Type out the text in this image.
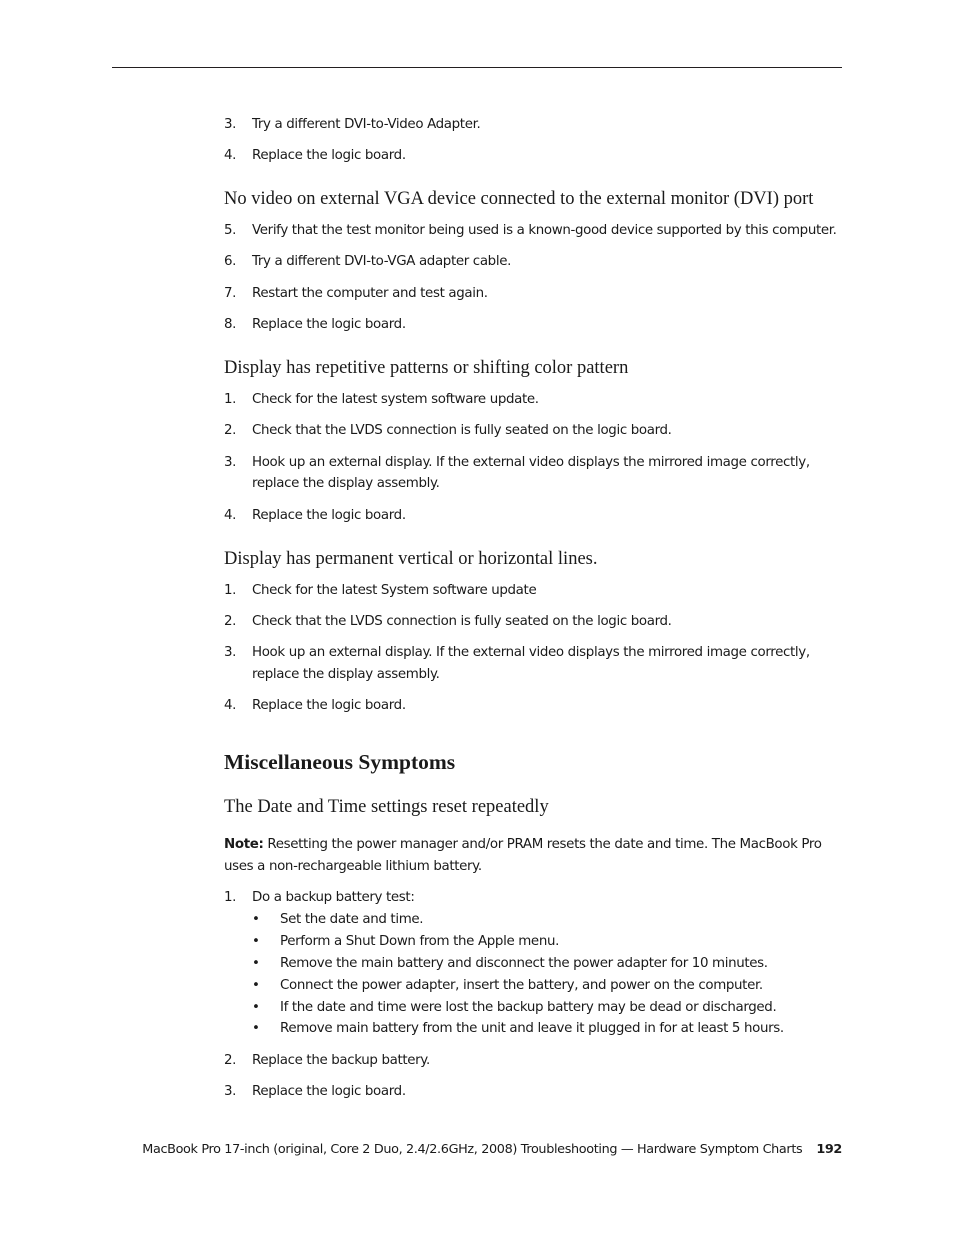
3.	Try a different DVI-to-Video Adapter.
4.	Replace the logic board.
No video on external VGA device connected to the external monitor (DVI) port
5.	Verify that the test monitor being used is a known-good device supported by this computer.
6.	Try a different DVI-to-VGA adapter cable.
7.	Restart the computer and test again.
8.	Replace the logic board.
Display has repetitive patterns or shifting color pattern
1.	Check for the latest system software update.
2.	Check that the LVDS connection is fully seated on the logic board.
3.	Hook up an external display. If the external video displays the mirrored image correctly,
replace the display assembly.
4.	Replace the logic board.
Display has permanent vertical or horizontal lines.
1.	Check for the latest System software update
2.	Check that the LVDS connection is fully seated on the logic board.
3.	Hook up an external display. If the external video displays the mirrored image correctly,
replace the display assembly.
4.	Replace the logic board.
Miscellaneous Symptoms
The Date and Time settings reset repeatedly
Note: Resetting the power manager and/or PRAM resets the date and time. The MacBook Pro
uses a non-rechargeable lithium battery.
1.	Do a backup battery test:
• Set the date and time.
• Perform a Shut Down from the Apple menu.
• Remove the main battery and disconnect the power adapter for 10 minutes.
• Connect the power adapter, insert the battery, and power on the computer.
• If the date and time were lost the backup battery may be dead or discharged.
• Remove main battery from the unit and leave it plugged in for at least 5 hours.
2.	Replace the backup battery.
3.	Replace the logic board.
MacBook Pro 17-inch (original, Core 2 Duo, 2.4/2.6GHz, 2008) Troubleshooting — Hardware Symptom Charts 192
